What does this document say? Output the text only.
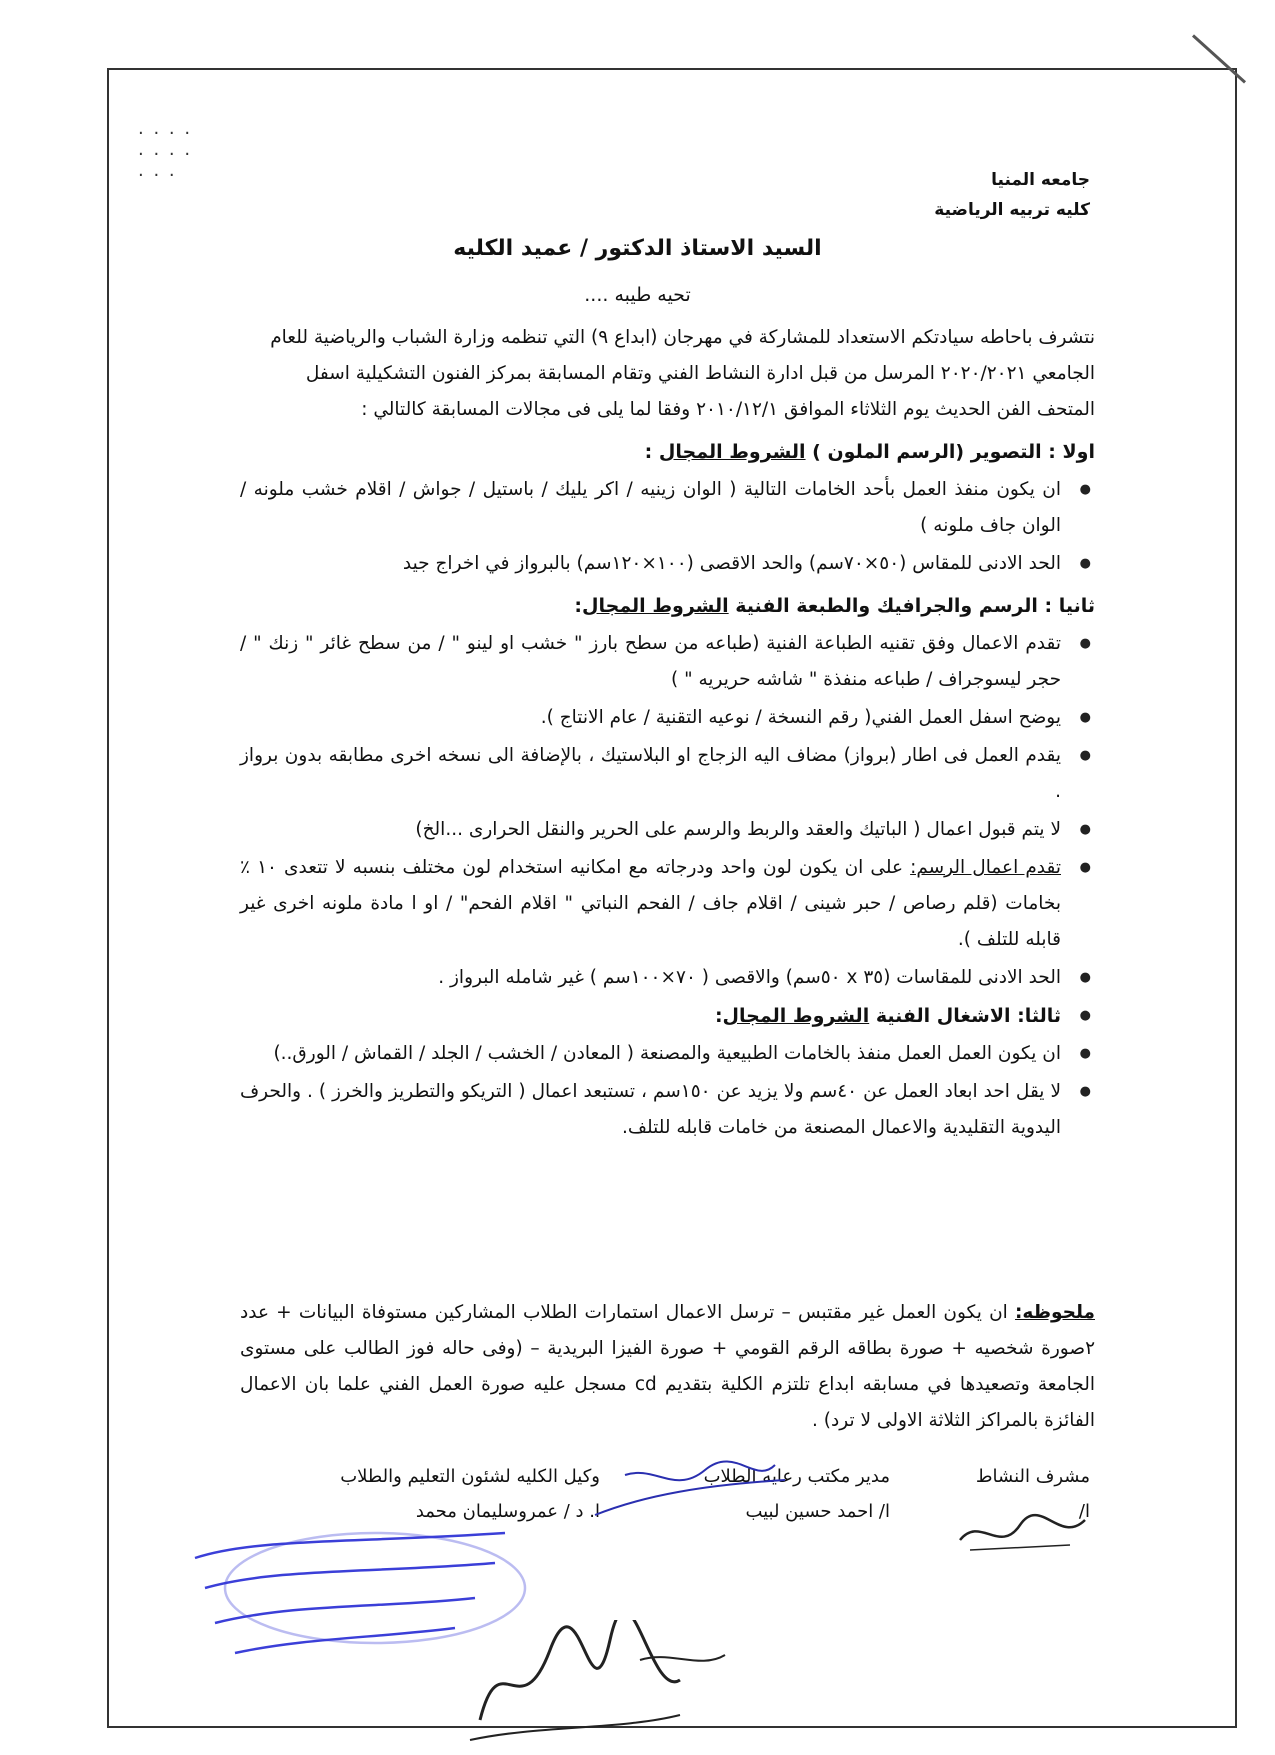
. . . .
. . . .
. . .	جامعه المنيا
كليه تربيه الرياضية
السيد الاستاذ الدكتور / عميد الكليه
تحيه طيبه ....
نتشرف باحاطه سيادتكم الاستعداد للمشاركة في مهرجان (ابداع ٩) التي تنظمه وزارة الشباب والرياضية للعام
الجامعي ٢٠٢٠/٢٠٢١ المرسل من قبل ادارة النشاط الفني وتقام المسابقة بمركز الفنون التشكيلية اسفل
المتحف الفن الحديث يوم الثلاثاء الموافق ٢٠١٠/١٢/١ وفقا لما يلى فى مجالات المسابقة كالتالي :
اولا : التصوير (الرسم الملون ) الشروط المجال :
● ان يكون منفذ العمل بأحد الخامات التالية ( الوان زينيه / اكر يليك / باستيل / جواش / اقلام خشب ملونه / الوان جاف ملونه )
● الحد الادنى للمقاس (٥٠×٧٠سم) والحد الاقصى (١٠٠×١٢٠سم) بالبرواز في اخراج جيد
ثانيا : الرسم والجرافيك والطبعة الفنية الشروط المجال:
● تقدم الاعمال وفق تقنيه الطباعة الفنية (طباعه من سطح بارز " خشب او لينو " / من سطح غائر " زنك " / حجر ليسوجراف / طباعه منفذة " شاشه حريريه " )
● يوضح اسفل العمل الفني( رقم النسخة / نوعيه التقنية / عام الانتاج ).
● يقدم العمل فى اطار (برواز) مضاف اليه الزجاج او البلاستيك ، بالإضافة الى نسخه اخرى مطابقه بدون برواز .
● لا يتم قبول اعمال ( الباتيك والعقد والربط والرسم على الحرير والنقل الحرارى ...الخ)
● تقدم اعمال الرسم: على ان يكون لون واحد ودرجاته مع امكانيه استخدام لون مختلف بنسبه لا تتعدى ١٠ ٪ بخامات (قلم رصاص / حبر شينى / اقلام جاف / الفحم النباتي " اقلام الفحم" / او ا مادة ملونه اخرى غير قابله للتلف ).
● الحد الادنى للمقاسات (٣٥ x ٥٠سم) والاقصى ( ٧٠×١٠٠سم ) غير شامله البرواز .
● ثالثا: الاشغال الفنية الشروط المجال:
● ان يكون العمل العمل منفذ بالخامات الطبيعية والمصنعة ( المعادن / الخشب / الجلد / القماش / الورق..)
● لا يقل احد ابعاد العمل عن ٤٠سم ولا يزيد عن ١٥٠سم ، تستبعد اعمال ( التريكو والتطريز والخرز ) . والحرف اليدوية التقليدية والاعمال المصنعة من خامات قابله للتلف.
ملحوظه: ان يكون العمل غير مقتبس – ترسل الاعمال استمارات الطلاب المشاركين مستوفاة البيانات + عدد ٢صورة شخصيه + صورة بطاقه الرقم القومي + صورة الفيزا البريدية – (وفى حاله فوز الطالب على مستوى الجامعة وتصعيدها في مسابقه ابداع تلتزم الكلية بتقديم cd مسجل عليه صورة العمل الفني علما بان الاعمال الفائزة بالمراكز الثلاثة الاولى لا ترد) .
مشرف النشاط
ا/
مدير مكتب رعايه الطلاب
ا/ احمد حسين لبيب
وكيل الكليه لشئون التعليم والطلاب
ا. د / عمروسليمان محمد
